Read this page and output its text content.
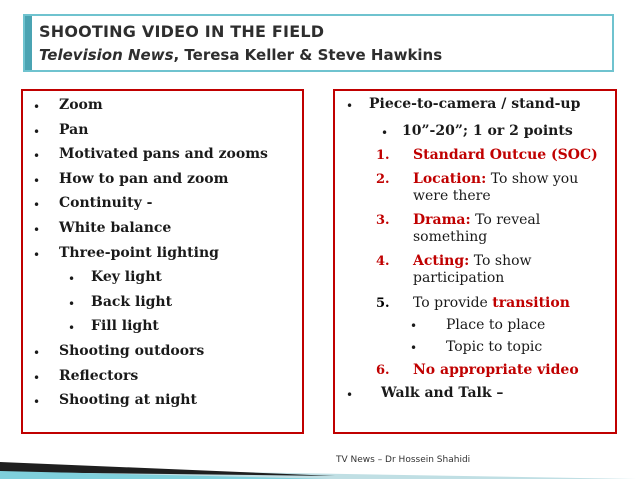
SHOOTING VIDEO IN THE FIELD
Television News, Teresa Keller & Steve Hawkins
• Zoom
• Pan
• Motivated pans and zooms
• How to pan and zoom
• Continuity -
• White balance
• Three-point lighting
• Key light
• Back light
• Fill light
• Shooting outdoors
• Reflectors
• Shooting at night
• Piece-to-camera / stand-up
• 10”-20”; 1 or 2 points
1. Standard Outcue (SOC)
2. Location: To show you
were there
3. Drama: To reveal
something
4. Acting: To show
participation
5. To provide transition
• Place to place
• Topic to topic
6. No appropriate video
• Walk and Talk –
TV News – Dr Hossein Shahidi
